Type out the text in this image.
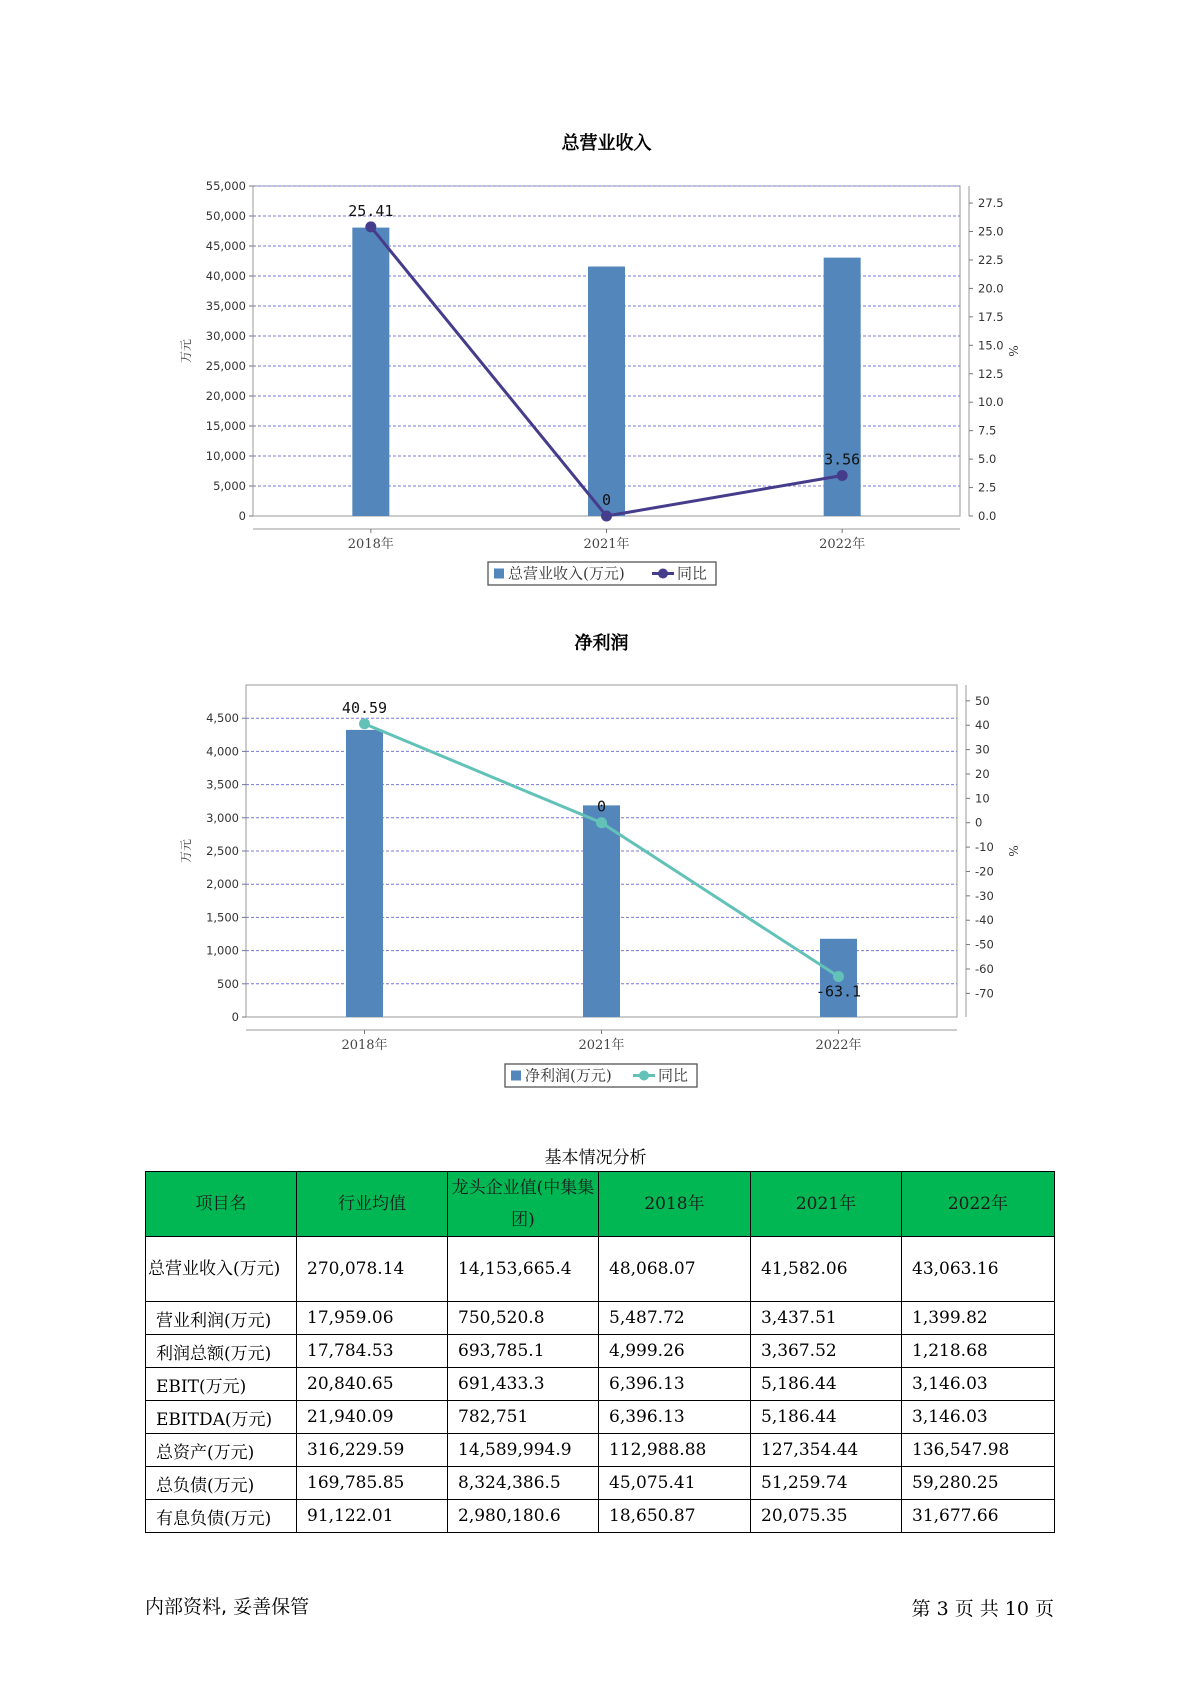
总营业收入
0
5,000
10,000
15,000
20,000
25,000
30,000
35,000
40,000
45,000
50,000
55,000
0.0
2.5
5.0
7.5
10.0
12.5
15.0
17.5
20.0
22.5
25.0
27.5
2018年	2021年	2022年
万元	%
25.41
0
3.56
总营业收入(万元)	同比
净利润
0
500
1,000
1,500
2,000
2,500
3,000
3,500
4,000
4,500
-70
-60
-50
-40
-30
-20
-10
0
10
20
30
40
50
2018年	2021年	2022年
万元	%
40.59
0
-63.1
净利润(万元)	同比
基本情况分析
项目名	行业均值	龙头企业值(中集集团)	2018年	2021年	2022年
总营业收入(万元)	270,078.14	14,153,665.4	48,068.07	41,582.06	43,063.16
营业利润(万元)	17,959.06	750,520.8	5,487.72	3,437.51	1,399.82
利润总额(万元)	17,784.53	693,785.1	4,999.26	3,367.52	1,218.68
EBIT(万元)	20,840.65	691,433.3	6,396.13	5,186.44	3,146.03
EBITDA(万元)	21,940.09	782,751	6,396.13	5,186.44	3,146.03
总资产(万元)	316,229.59	14,589,994.9	112,988.88	127,354.44	136,547.98
总负债(万元)	169,785.85	8,324,386.5	45,075.41	51,259.74	59,280.25
有息负债(万元)	91,122.01	2,980,180.6	18,650.87	20,075.35	31,677.66
内部资料, 妥善保管	第 3 页 共 10 页
